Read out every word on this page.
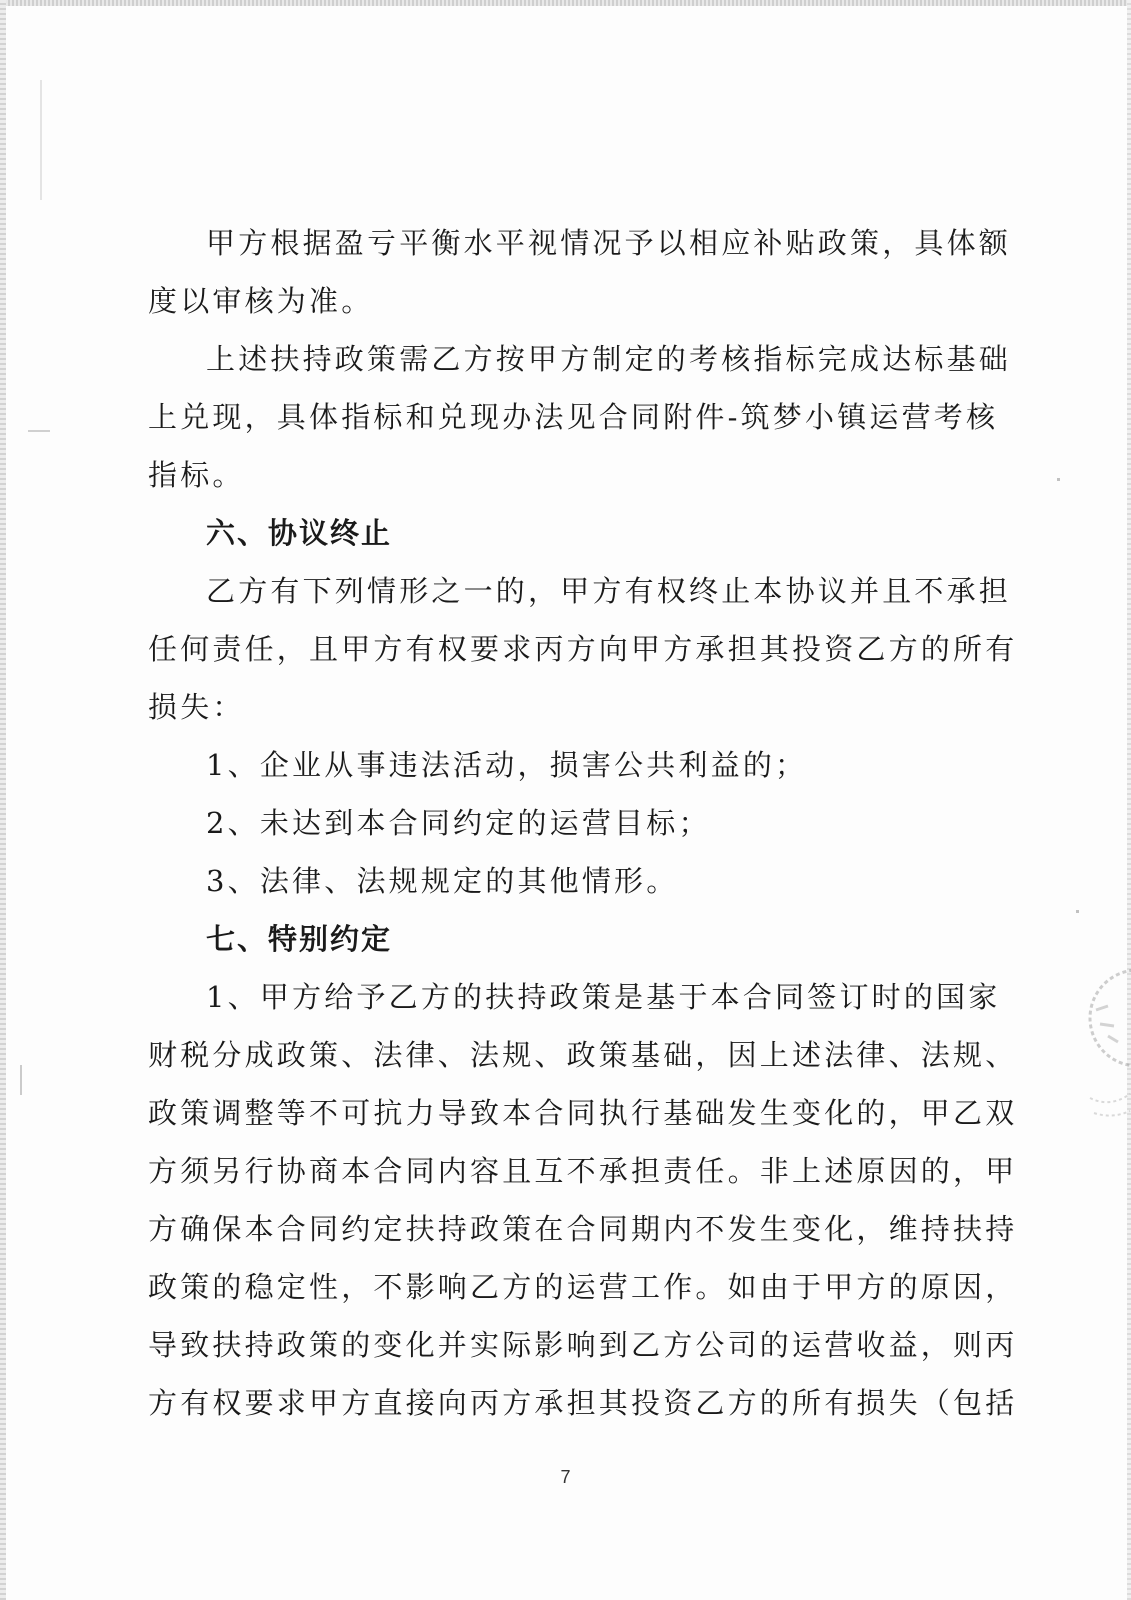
甲方根据盈亏平衡水平视情况予以相应补贴政策，具体额
度以审核为准。
上述扶持政策需乙方按甲方制定的考核指标完成达标基础
上兑现，具体指标和兑现办法见合同附件-筑梦小镇运营考核
指标。
六、协议终止
乙方有下列情形之一的，甲方有权终止本协议并且不承担
任何责任，且甲方有权要求丙方向甲方承担其投资乙方的所有
损失：
1、企业从事违法活动，损害公共利益的；
2、未达到本合同约定的运营目标；
3、法律、法规规定的其他情形。
七、特别约定
1、甲方给予乙方的扶持政策是基于本合同签订时的国家
财税分成政策、法律、法规、政策基础，因上述法律、法规、
政策调整等不可抗力导致本合同执行基础发生变化的，甲乙双
方须另行协商本合同内容且互不承担责任。非上述原因的，甲
方确保本合同约定扶持政策在合同期内不发生变化，维持扶持
政策的稳定性，不影响乙方的运营工作。如由于甲方的原因，
导致扶持政策的变化并实际影响到乙方公司的运营收益，则丙
方有权要求甲方直接向丙方承担其投资乙方的所有损失（包括
7
